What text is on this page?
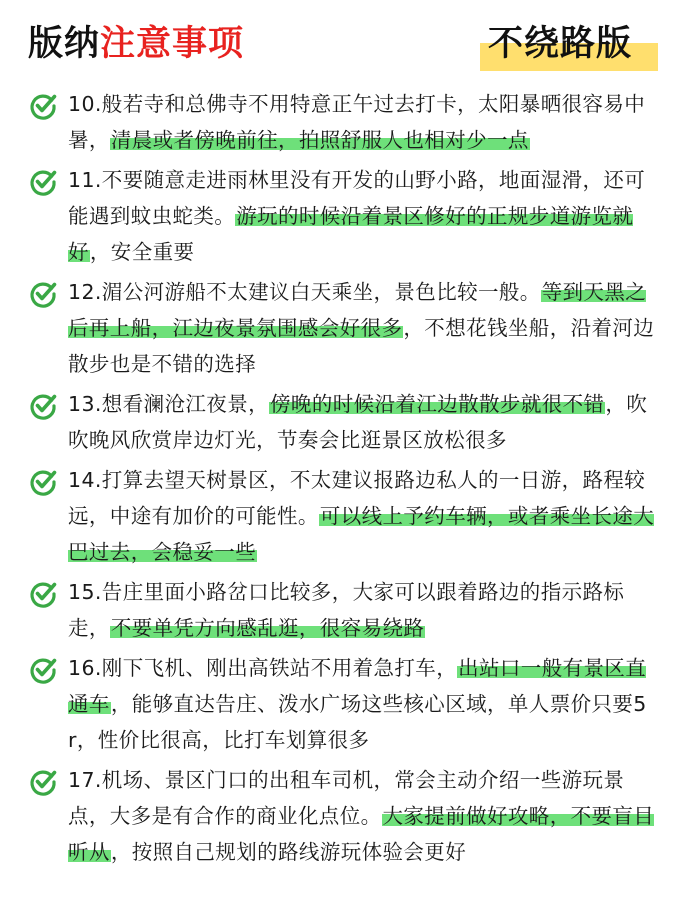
版纳注意事项	不绕路版
10.般若寺和总佛寺不用特意正午过去打卡，太阳暴晒很容易中暑，清晨或者傍晚前往，拍照舒服人也相对少一点
11.不要随意走进雨林里没有开发的山野小路，地面湿滑，还可能遇到蚊虫蛇类。游玩的时候沿着景区修好的正规步道游览就好，安全重要
12.湄公河游船不太建议白天乘坐，景色比较一般。等到天黑之后再上船，江边夜景氛围感会好很多，不想花钱坐船，沿着河边散步也是不错的选择
13.想看澜沧江夜景，傍晚的时候沿着江边散散步就很不错，吹吹晚风欣赏岸边灯光，节奏会比逛景区放松很多
14.打算去望天树景区，不太建议报路边私人的一日游，路程较远，中途有加价的可能性。可以线上予约车辆，或者乘坐长途大巴过去，会稳妥一些
15.告庄里面小路岔口比较多，大家可以跟着路边的指示路标走，不要单凭方向感乱逛，很容易绕路
16.刚下飞机、刚出高铁站不用着急打车，出站口一般有景区直通车，能够直达告庄、泼水广场这些核心区域，单人票价只要5r，性价比很高，比打车划算很多
17.机场、景区门口的出租车司机，常会主动介绍一些游玩景点，大多是有合作的商业化点位。大家提前做好攻略，不要盲目听从，按照自己规划的路线游玩体验会更好
